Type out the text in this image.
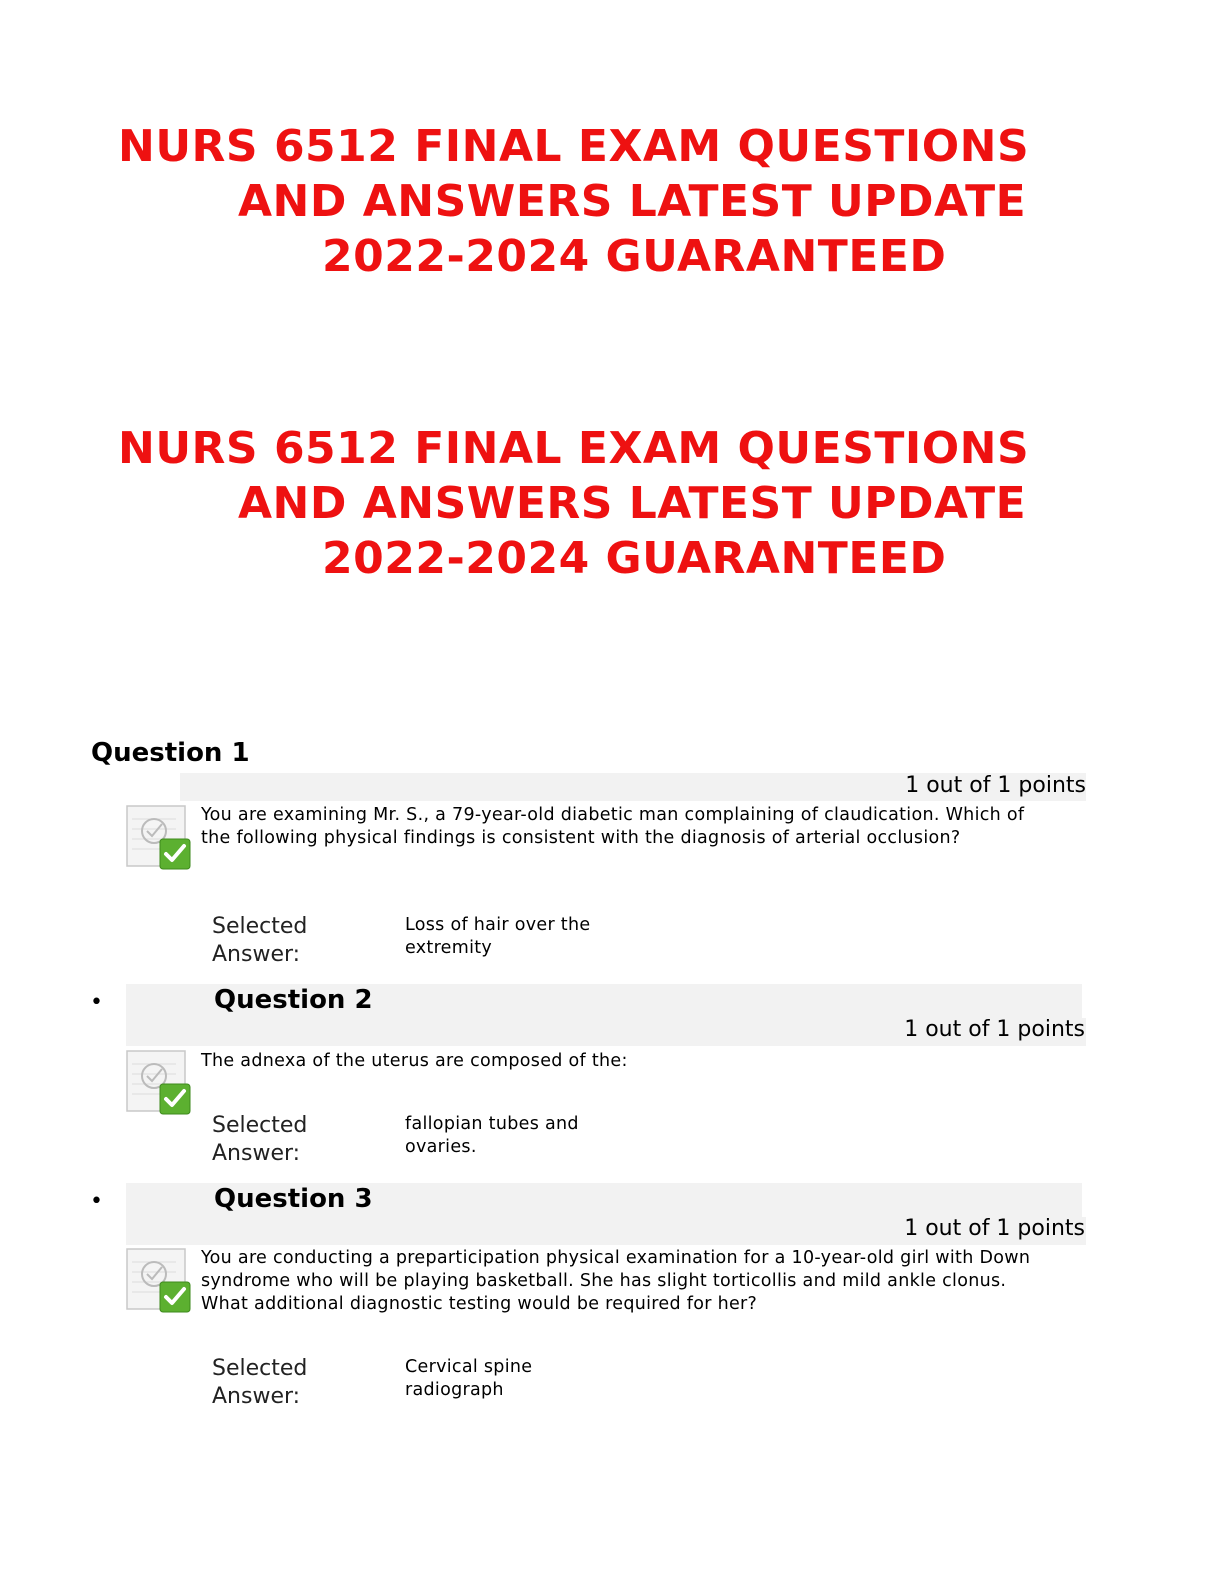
NURS 6512 FINAL EXAM QUESTIONS
AND ANSWERS LATEST UPDATE
2022-2024 GUARANTEED
NURS 6512 FINAL EXAM QUESTIONS
AND ANSWERS LATEST UPDATE
2022-2024 GUARANTEED
Question 1
1 out of 1 points
You are examining Mr. S., a 79-year-old diabetic man complaining of claudication. Which of the following physical findings is consistent with the diagnosis of arterial occlusion?
Selected
Answer:
Loss of hair over the extremity
•	Question 2
1 out of 1 points
The adnexa of the uterus are composed of the:
Selected
Answer:
fallopian tubes and ovaries.
•	Question 3
1 out of 1 points
You are conducting a preparticipation physical examination for a 10-year-old girl with Down syndrome who will be playing basketball. She has slight torticollis and mild ankle clonus. What additional diagnostic testing would be required for her?
Selected
Answer:
Cervical spine radiograph
